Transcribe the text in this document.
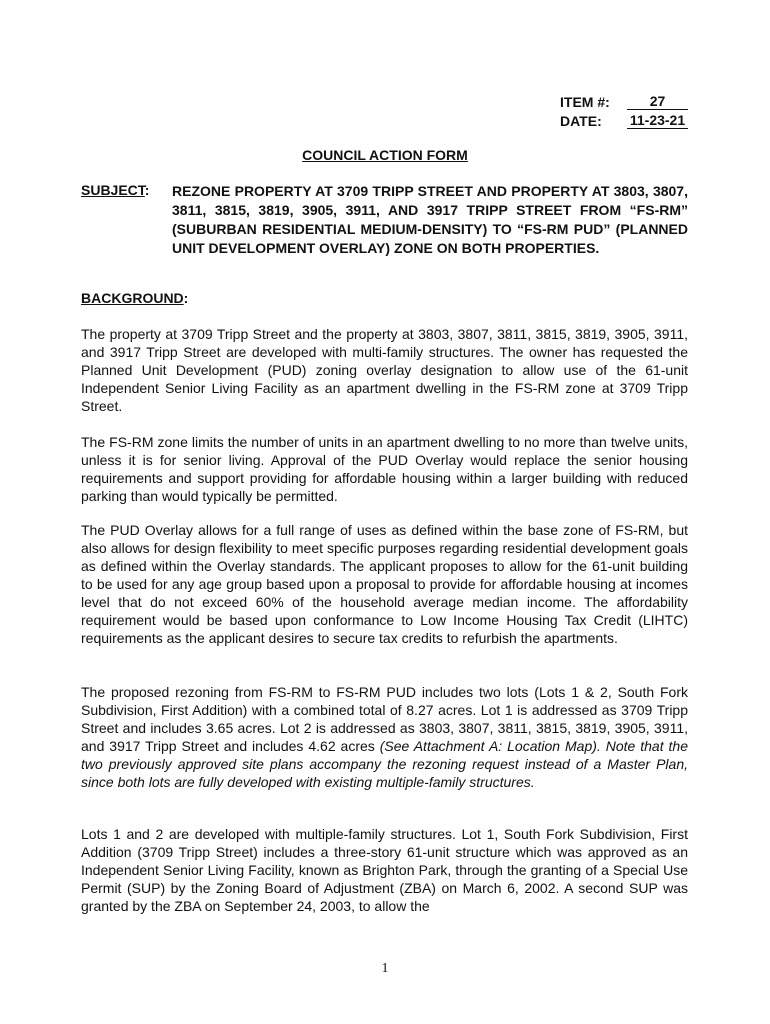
ITEM #:	27
DATE:	11-23-21
COUNCIL ACTION FORM
SUBJECT: REZONE PROPERTY AT 3709 TRIPP STREET AND PROPERTY AT 3803, 3807, 3811, 3815, 3819, 3905, 3911, AND 3917 TRIPP STREET FROM “FS-RM” (SUBURBAN RESIDENTIAL MEDIUM-DENSITY) TO “FS-RM PUD” (PLANNED UNIT DEVELOPMENT OVERLAY) ZONE ON BOTH PROPERTIES.
BACKGROUND:

The property at 3709 Tripp Street and the property at 3803, 3807, 3811, 3815, 3819, 3905, 3911, and 3917 Tripp Street are developed with multi-family structures. The owner has requested the Planned Unit Development (PUD) zoning overlay designation to allow use of the 61-unit Independent Senior Living Facility as an apartment dwelling in the FS-RM zone at 3709 Tripp Street.

The FS-RM zone limits the number of units in an apartment dwelling to no more than twelve units, unless it is for senior living. Approval of the PUD Overlay would replace the senior housing requirements and support providing for affordable housing within a larger building with reduced parking than would typically be permitted.

The PUD Overlay allows for a full range of uses as defined within the base zone of FS-RM, but also allows for design flexibility to meet specific purposes regarding residential development goals as defined within the Overlay standards. The applicant proposes to allow for the 61-unit building to be used for any age group based upon a proposal to provide for affordable housing at incomes level that do not exceed 60% of the household average median income. The affordability requirement would be based upon conformance to Low Income Housing Tax Credit (LIHTC) requirements as the applicant desires to secure tax credits to refurbish the apartments.

The proposed rezoning from FS-RM to FS-RM PUD includes two lots (Lots 1 & 2, South Fork Subdivision, First Addition) with a combined total of 8.27 acres. Lot 1 is addressed as 3709 Tripp Street and includes 3.65 acres. Lot 2 is addressed as 3803, 3807, 3811, 3815, 3819, 3905, 3911, and 3917 Tripp Street and includes 4.62 acres (See Attachment A: Location Map). Note that the two previously approved site plans accompany the rezoning request instead of a Master Plan, since both lots are fully developed with existing multiple-family structures.

Lots 1 and 2 are developed with multiple-family structures. Lot 1, South Fork Subdivision, First Addition (3709 Tripp Street) includes a three-story 61-unit structure which was approved as an Independent Senior Living Facility, known as Brighton Park, through the granting of a Special Use Permit (SUP) by the Zoning Board of Adjustment (ZBA) on March 6, 2002. A second SUP was granted by the ZBA on September 24, 2003, to allow the

1
